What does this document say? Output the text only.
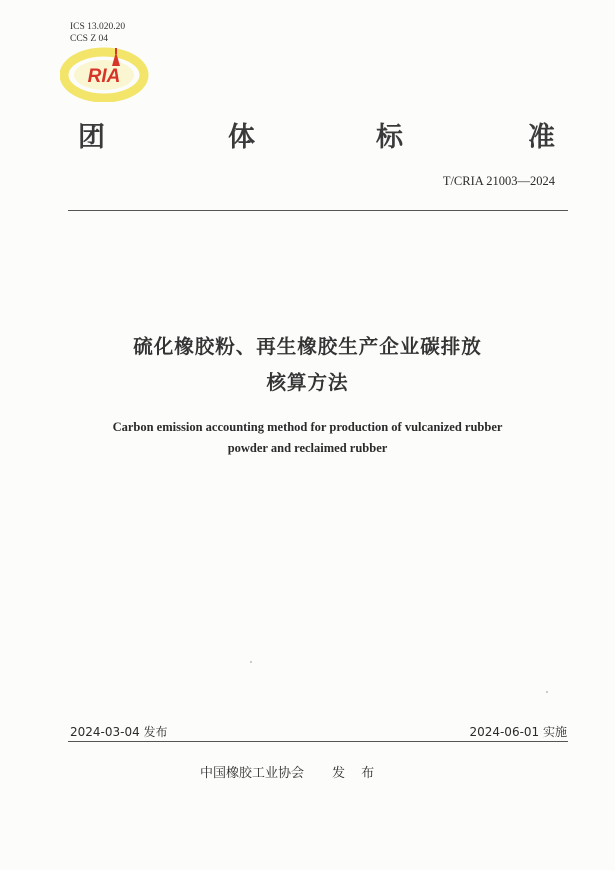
ICS 13.020.20
CCS Z 04
RIA
团	体	标	准
T/CRIA 21003—2024
硫化橡胶粉、再生橡胶生产企业碳排放
核算方法
Carbon emission accounting method for production of vulcanized rubber
powder and reclaimed rubber
2024-03-04 发布	2024-06-01 实施
中国橡胶工业协会 发 布
